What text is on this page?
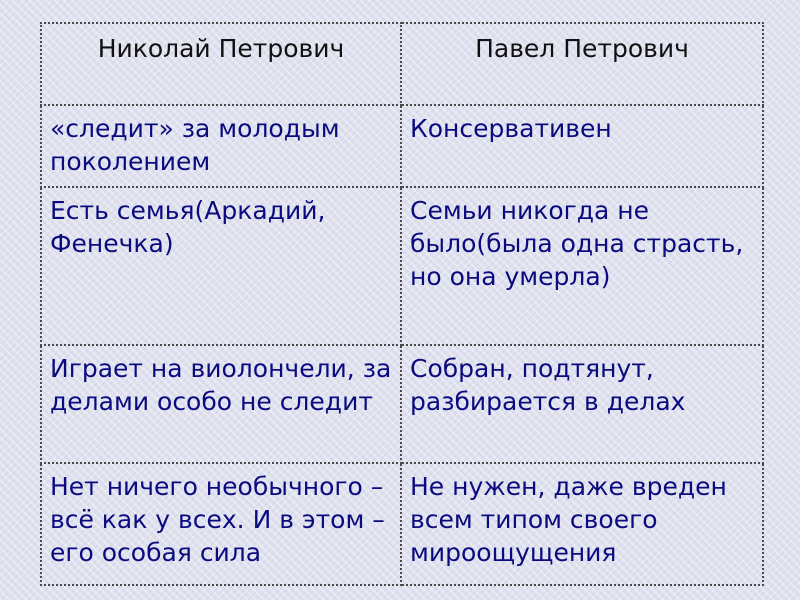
Николай Петрович	Павел Петрович
«следит» за молодым поколением	Консервативен
Есть семья(Аркадий, Фенечка)	Семьи никогда не было(была одна страсть, но она умерла)
Играет на виолончели, за делами особо не следит	Собран, подтянут, разбирается в делах
Нет ничего необычного – всё как у всех. И в этом – его особая сила	Не нужен, даже вреден всем типом своего мироощущения
